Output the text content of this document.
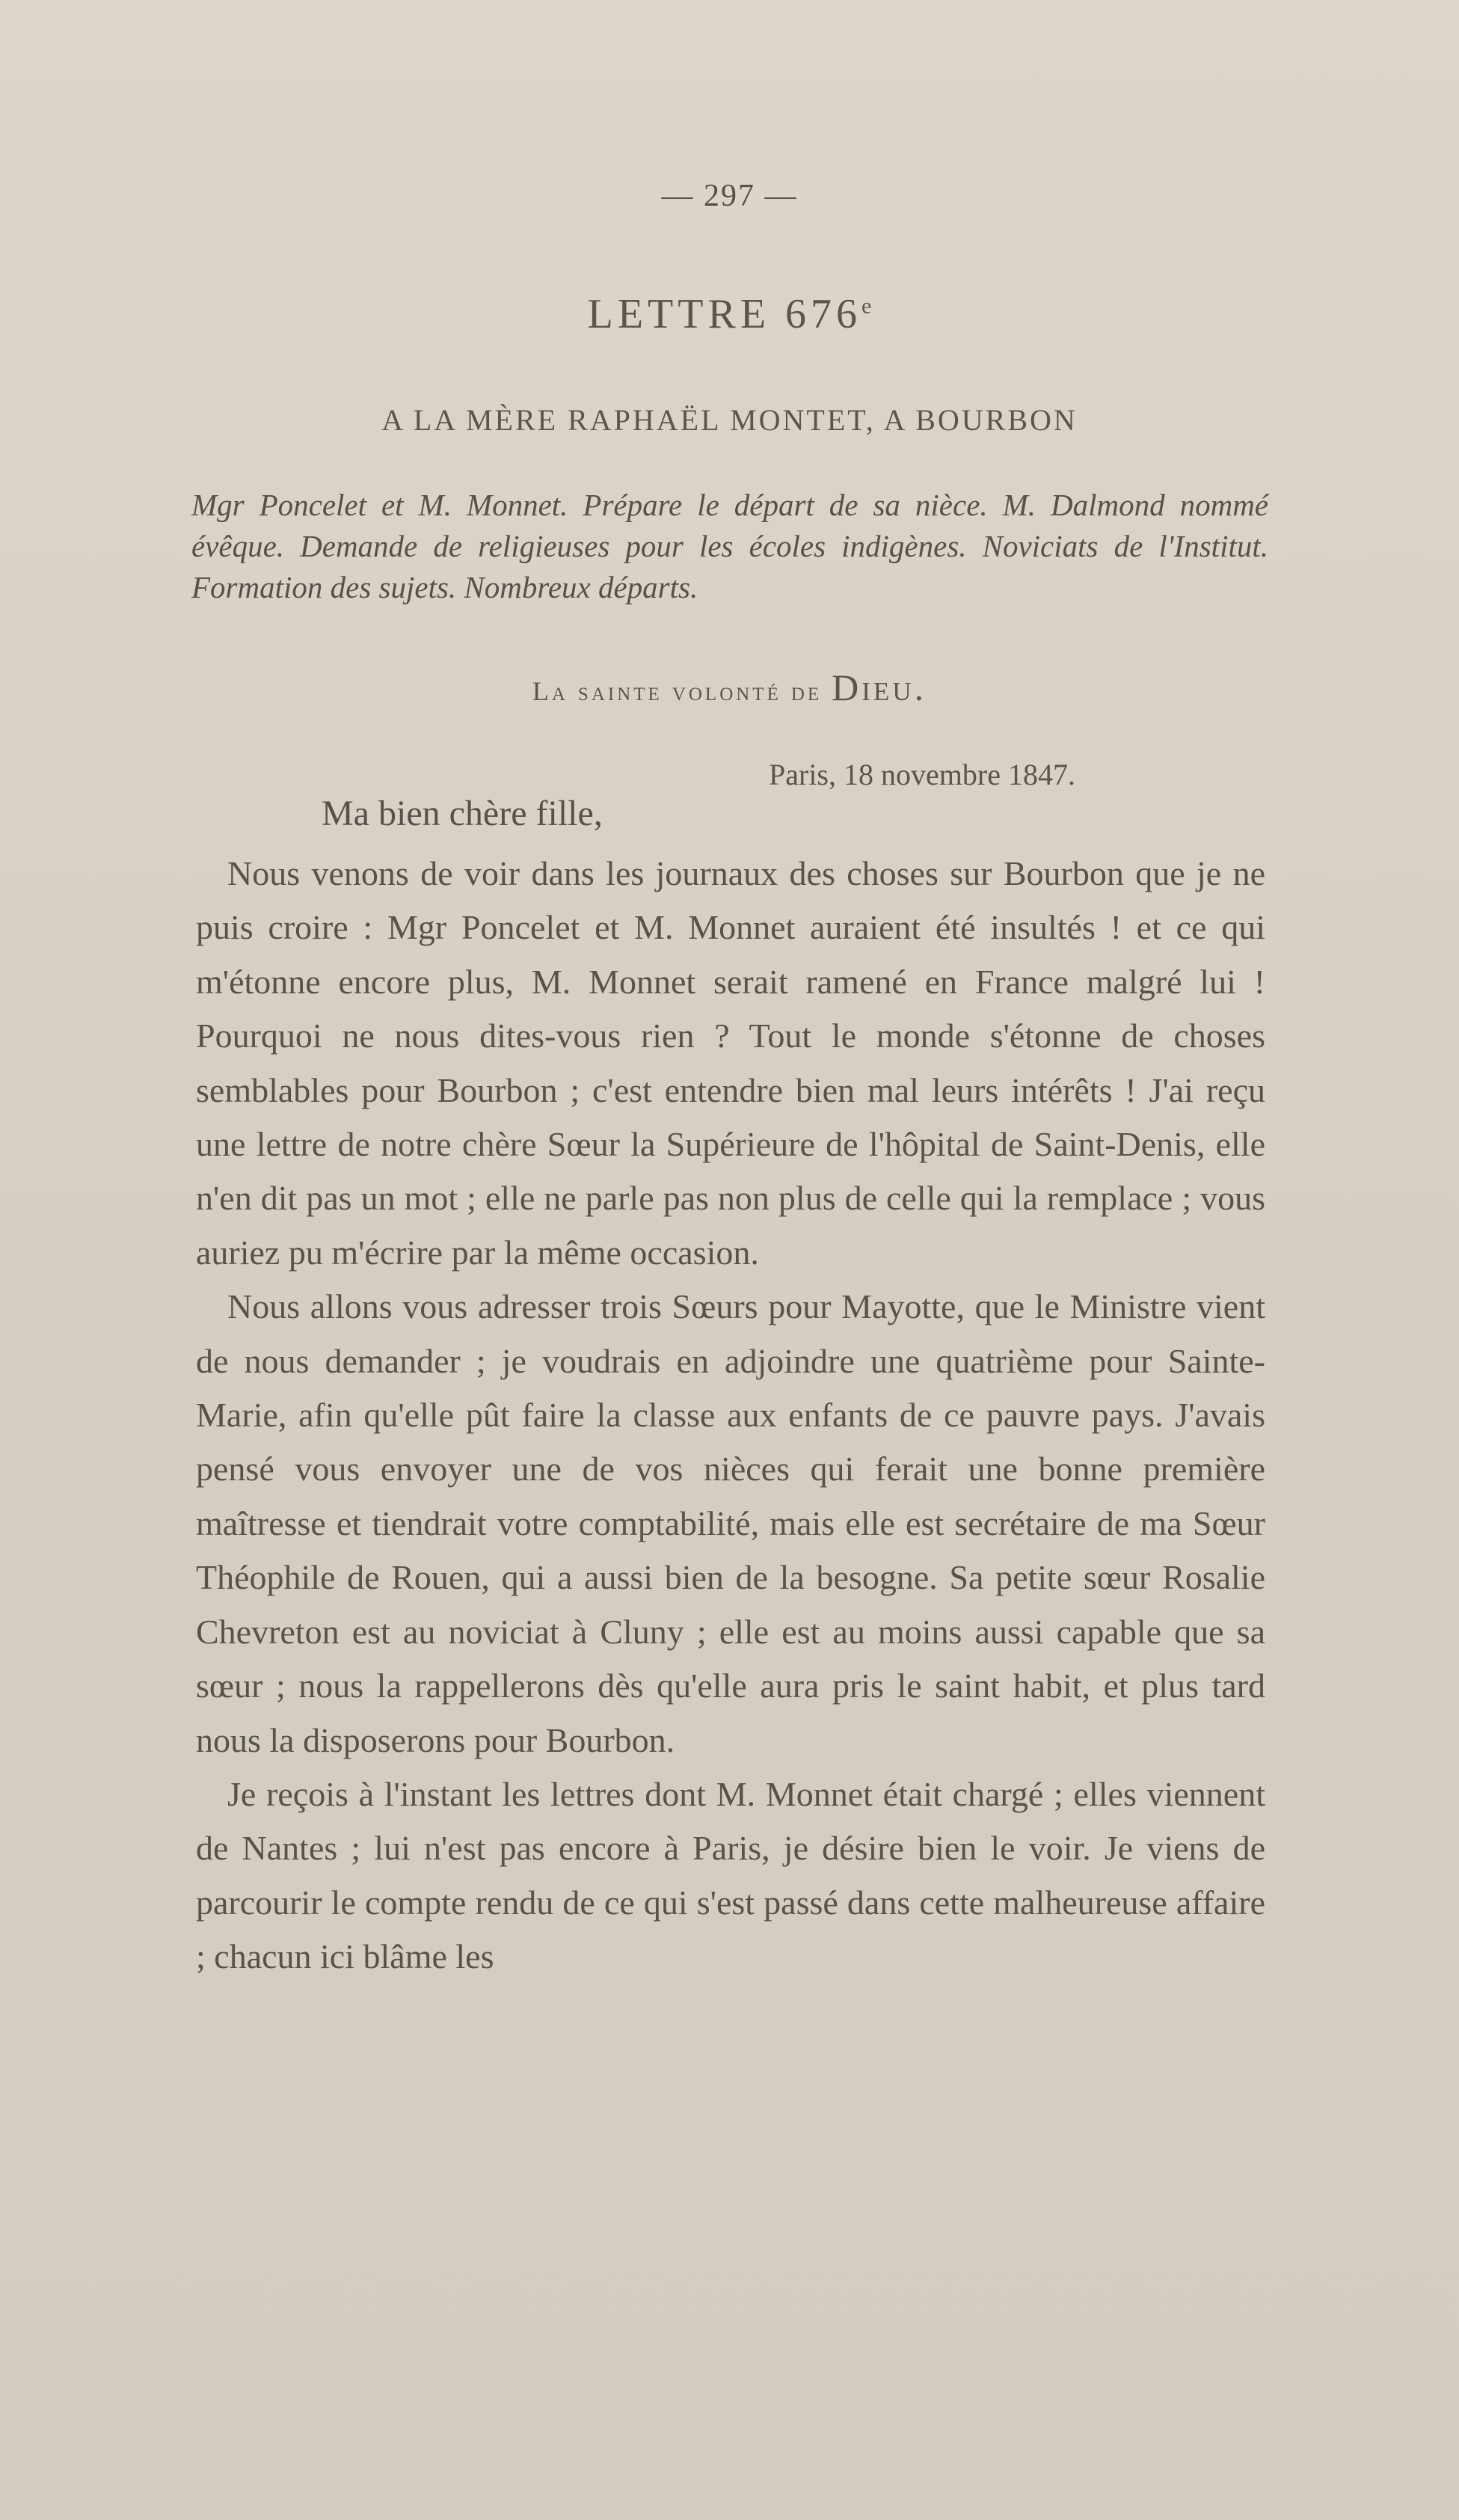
— 297 —
LETTRE 676e
A LA MÈRE RAPHAËL MONTET, A BOURBON

Mgr Poncelet et M. Monnet. Prépare le départ de sa nièce. M. Dalmond nommé évêque. Demande de religieuses pour les écoles indigènes. Noviciats de l'Institut. Formation des sujets. Nombreux départs.

La sainte volonté de Dieu.
Paris, 18 novembre 1847.
Ma bien chère fille,

Nous venons de voir dans les journaux des choses sur Bourbon que je ne puis croire : Mgr Poncelet et M. Monnet auraient été insultés ! et ce qui m'étonne encore plus, M. Monnet serait ramené en France malgré lui ! Pourquoi ne nous dites-vous rien ? Tout le monde s'étonne de choses semblables pour Bourbon ; c'est entendre bien mal leurs intérêts ! J'ai reçu une lettre de notre chère Sœur la Supérieure de l'hôpital de Saint-Denis, elle n'en dit pas un mot ; elle ne parle pas non plus de celle qui la remplace ; vous auriez pu m'écrire par la même occasion.

Nous allons vous adresser trois Sœurs pour Mayotte, que le Ministre vient de nous demander ; je voudrais en adjoindre une quatrième pour Sainte-Marie, afin qu'elle pût faire la classe aux enfants de ce pauvre pays. J'avais pensé vous envoyer une de vos nièces qui ferait une bonne première maîtresse et tiendrait votre comptabilité, mais elle est secrétaire de ma Sœur Théophile de Rouen, qui a aussi bien de la besogne. Sa petite sœur Rosalie Chevreton est au noviciat à Cluny ; elle est au moins aussi capable que sa sœur ; nous la rappellerons dès qu'elle aura pris le saint habit, et plus tard nous la disposerons pour Bourbon.

Je reçois à l'instant les lettres dont M. Monnet était chargé ; elles viennent de Nantes ; lui n'est pas encore à Paris, je désire bien le voir. Je viens de parcourir le compte rendu de ce qui s'est passé dans cette malheureuse affaire ; chacun ici blâme les
